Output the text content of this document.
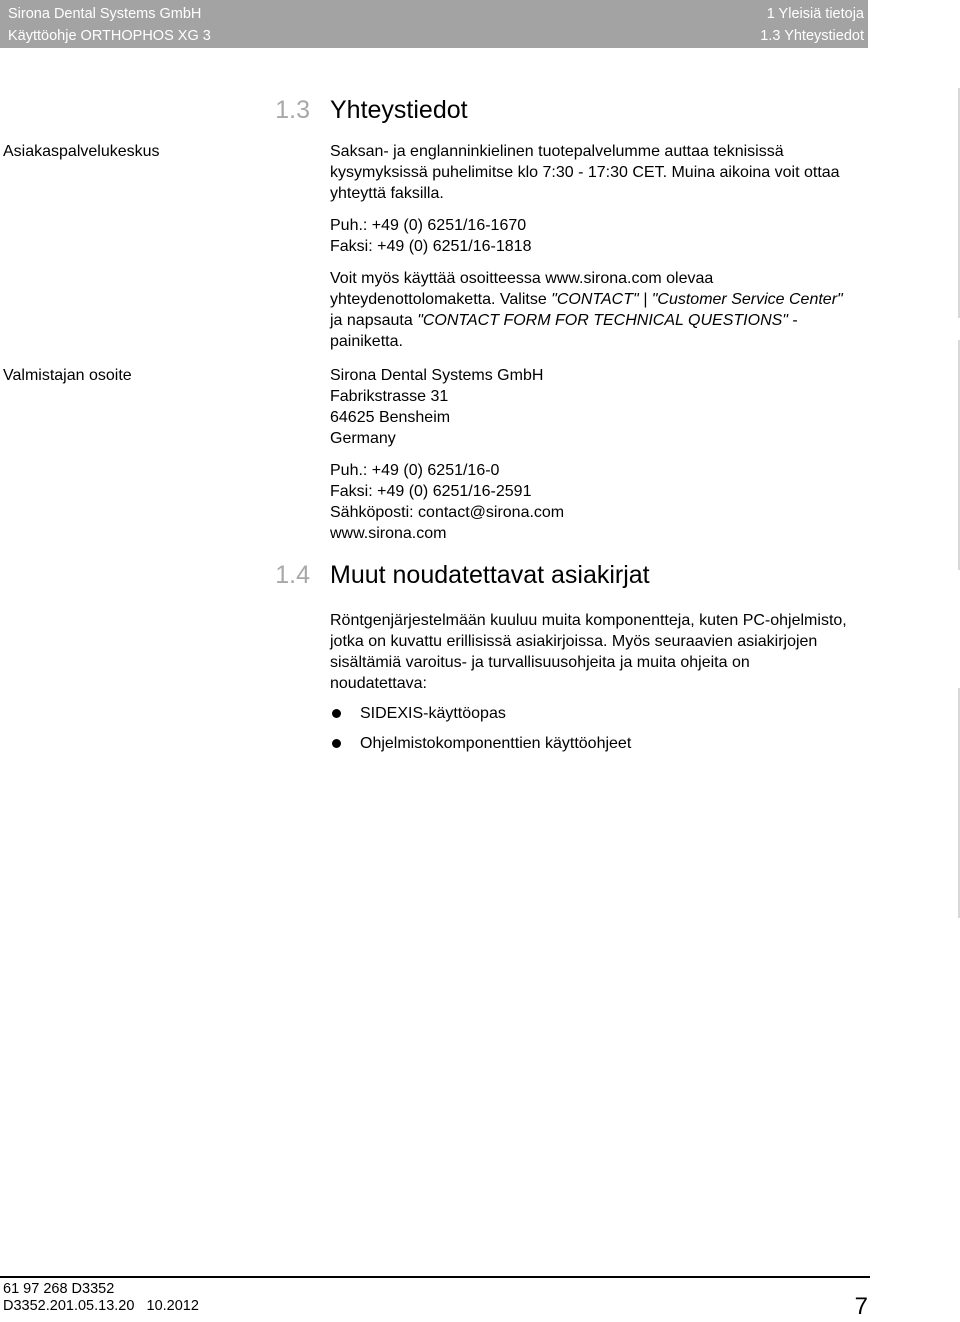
Sirona Dental Systems GmbH
Käyttöohje ORTHOPHOS XG 3
1 Yleisiä tietoja
1.3 Yhteystiedot
1.3 Yhteystiedot
Asiakaspalvelukeskus	Saksan- ja englanninkielinen tuotepalvelumme auttaa teknisissä

kysymyksissä puhelimitse klo 7:30 - 17:30 CET. Muina aikoina voit ottaa

yhteyttä faksilla.

Puh.: +49 (0) 6251/16-1670

Faksi: +49 (0) 6251/16-1818

Voit myös käyttää osoitteessa www.sirona.com olevaa

yhteydenottolomaketta. Valitse "CONTACT" | "Customer Service Center"

ja napsauta "CONTACT FORM FOR TECHNICAL QUESTIONS" -

painiketta.

Valmistajan osoite	Sirona Dental Systems GmbH

Fabrikstrasse 31

64625 Bensheim

Germany

Puh.: +49 (0) 6251/16-0

Faksi: +49 (0) 6251/16-2591

Sähköposti: contact@sirona.com

www.sirona.com

1.4 Muut noudatettavat asiakirjat

Röntgenjärjestelmään kuuluu muita komponentteja, kuten PC-ohjelmisto,

jotka on kuvattu erillisissä asiakirjoissa. Myös seuraavien asiakirjojen

sisältämiä varoitus- ja turvallisuusohjeita ja muita ohjeita on

noudatettava:

SIDEXIS-käyttöopas
Ohjelmistokomponenttien käyttöohjeet
61 97 268 D3352
D3352.201.05.13.20   10.2012	7
